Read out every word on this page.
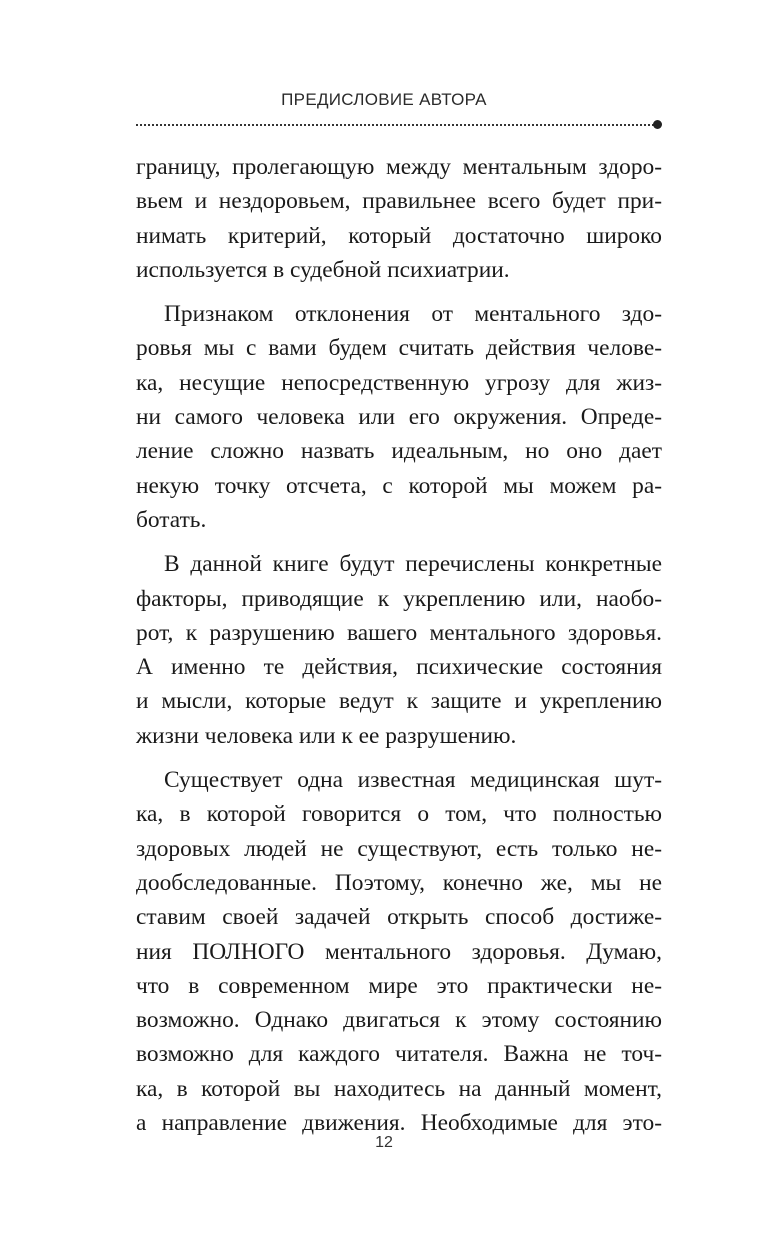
ПРЕДИСЛОВИЕ АВТОРА

границу, пролегающую между ментальным здоро-
вьем и нездоровьем, правильнее всего будет при-
нимать критерий, который достаточно широко
используется в судебной психиатрии.

Признаком отклонения от ментального здо-
ровья мы с вами будем считать действия челове-
ка, несущие непосредственную угрозу для жиз-
ни самого человека или его окружения. Опреде-
ление сложно назвать идеальным, но оно дает
некую точку отсчета, с которой мы можем ра-
ботать.

В данной книге будут перечислены конкретные
факторы, приводящие к укреплению или, наобо-
рот, к разрушению вашего ментального здоровья.
А именно те действия, психические состояния
и мысли, которые ведут к защите и укреплению
жизни человека или к ее разрушению.

Существует одна известная медицинская шут-
ка, в которой говорится о том, что полностью
здоровых людей не существуют, есть только не-
дообследованные. Поэтому, конечно же, мы не
ставим своей задачей открыть способ достиже-
ния ПОЛНОГО ментального здоровья. Думаю,
что в современном мире это практически не-
возможно. Однако двигаться к этому состоянию
возможно для каждого читателя. Важна не точ-
ка, в которой вы находитесь на данный момент,
а направление движения. Необходимые для это-

12
